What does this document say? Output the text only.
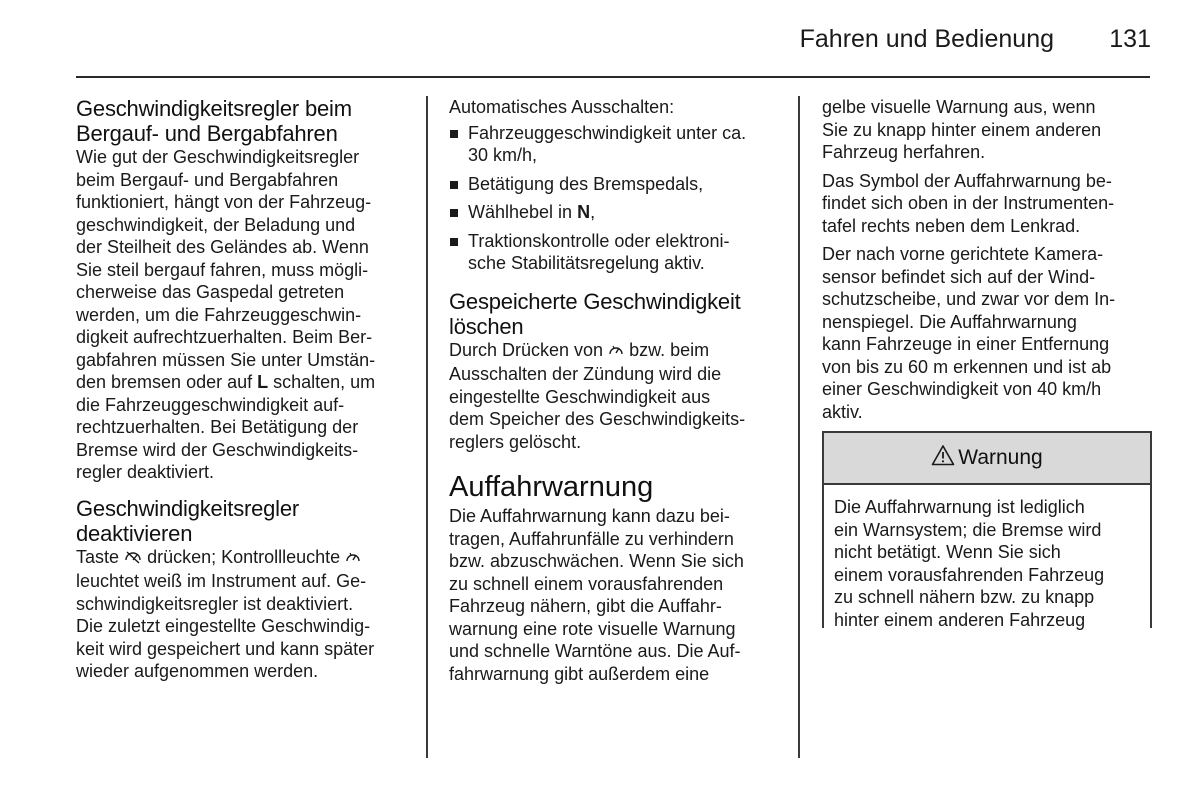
Fahren und Bedienung 131
Geschwindigkeitsregler beim
Bergauf- und Bergabfahren

Wie gut der Geschwindigkeitsregler
beim Bergauf- und Bergabfahren
funktioniert, hängt von der Fahrzeug-
geschwindigkeit, der Beladung und
der Steilheit des Geländes ab. Wenn
Sie steil bergauf fahren, muss mögli-
cherweise das Gaspedal getreten
werden, um die Fahrzeuggeschwin-
digkeit aufrechtzuerhalten. Beim Ber-
gabfahren müssen Sie unter Umstän-
den bremsen oder auf L schalten, um
die Fahrzeuggeschwindigkeit auf-
rechtzuerhalten. Bei Betätigung der
Bremse wird der Geschwindigkeits-
regler deaktiviert.

Geschwindigkeitsregler
deaktivieren

Taste drücken; Kontrollleuchte
leuchtet weiß im Instrument auf. Ge-
schwindigkeitsregler ist deaktiviert.
Die zuletzt eingestellte Geschwindig-
keit wird gespeichert und kann später
wieder aufgenommen werden.

Automatisches Ausschalten:

Fahrzeuggeschwindigkeit unter ca.
30 km/h,
Betätigung des Bremspedals,
Wählhebel in N,
Traktionskontrolle oder elektroni-
sche Stabilitätsregelung aktiv.
Gespeicherte Geschwindigkeit
löschen

Durch Drücken von bzw. beim
Ausschalten der Zündung wird die
eingestellte Geschwindigkeit aus
dem Speicher des Geschwindigkeits-
reglers gelöscht.

Auffahrwarnung

Die Auffahrwarnung kann dazu bei-
tragen, Auffahrunfälle zu verhindern
bzw. abzuschwächen. Wenn Sie sich
zu schnell einem vorausfahrenden
Fahrzeug nähern, gibt die Auffahr-
warnung eine rote visuelle Warnung
und schnelle Warntöne aus. Die Auf-
fahrwarnung gibt außerdem eine

gelbe visuelle Warnung aus, wenn
Sie zu knapp hinter einem anderen
Fahrzeug herfahren.

Das Symbol der Auffahrwarnung be-
findet sich oben in der Instrumenten-
tafel rechts neben dem Lenkrad.

Der nach vorne gerichtete Kamera-
sensor befindet sich auf der Wind-
schutzscheibe, und zwar vor dem In-
nenspiegel. Die Auffahrwarnung
kann Fahrzeuge in einer Entfernung
von bis zu 60 m erkennen und ist ab
einer Geschwindigkeit von 40 km/h
aktiv.

Warnung

Die Auffahrwarnung ist lediglich
ein Warnsystem; die Bremse wird
nicht betätigt. Wenn Sie sich
einem vorausfahrenden Fahrzeug
zu schnell nähern bzw. zu knapp
hinter einem anderen Fahrzeug
